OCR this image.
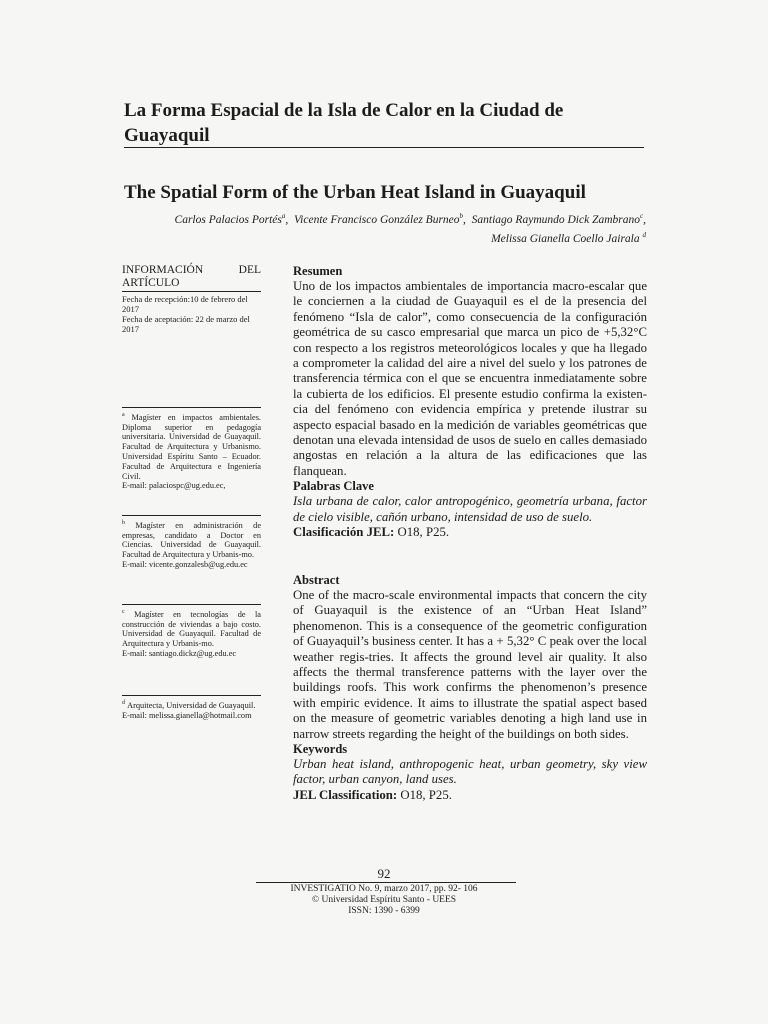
La Forma Espacial de la Isla de Calor en la Ciudad de Guayaquil
The Spatial Form of the Urban Heat Island in Guayaquil
Carlos Palacios Portés$^a$,  Vicente Francisco González Burneo$^b$,  Santiago Raymundo Dick Zambrano$^c$,
Melissa Gianella Coello Jairala $^d$
INFORMACIÓN DEL
ARTÍCULO
Fecha de recepción:10 de febrero del 2017
Fecha de aceptación: 22 de marzo del 2017
$^a$ Magíster en impactos ambientales. Diploma superior en pedagogía universitaria. Universidad de Guayaquil. Facultad de Arquitectura y Urbanismo. Universidad Espíritu Santo – Ecuador. Facultad de Arquitectura e Ingeniería Civil.
E-mail: palaciospc@ug.edu.ec,
$^b$ Magíster en administración de empresas, candidato a Doctor en Ciencias. Universidad de Guayaquil. Facultad de Arquitectura y Urbanis-mo.
E-mail: vicente.gonzalesb@ug.edu.ec
$^c$ Magíster en tecnologías de la construcción de viviendas a bajo costo. Universidad de Guayaquil. Facultad de Arquitectura y Urbanis-mo.
E-mail: santiago.dickz@ug.edu.ec
$^d$ Arquitecta, Universidad de Guayaquil.
E-mail: melissa.gianella@hotmail.com
Resumen
Uno de los impactos ambientales de importancia macro-escalar que le conciernen a la ciudad de Guayaquil es el de la presencia del fenómeno “Isla de calor”, como consecuencia de la configuración geométrica de su casco empresarial que marca un pico de +5,32°C con respecto a los registros meteorológicos locales y que ha llegado a comprometer la calidad del aire a nivel del suelo y los patrones de transferencia térmica con el que se encuentra inmediatamente sobre la cubierta de los edificios. El presente estudio confirma la existen-cia del fenómeno con evidencia empírica y pretende ilustrar su aspecto espacial basado en la medición de variables geométricas que denotan una elevada intensidad de usos de suelo en calles demasiado angostas en relación a la altura de las edificaciones que las flanquean.
Palabras Clave
Isla urbana de calor, calor antropogénico, geometría urbana, factor de cielo visible, cañón urbano, intensidad de uso de suelo.
Clasificación JEL: O18, P25.
Abstract
One of the macro-scale environmental impacts that concern the city of Guayaquil is the existence of an “Urban Heat Island” phenomenon. This is a consequence of the geometric configuration of Guayaquil’s business center. It has a + 5,32° C peak over the local weather regis-tries. It affects the ground level air quality. It also affects the thermal transference patterns with the layer over the buildings roofs. This work confirms the phenomenon’s presence with empiric evidence. It aims to illustrate the spatial aspect based on the measure of geometric variables denoting a high land use in narrow streets regarding the height of the buildings on both sides.
Keywords
Urban heat island, anthropogenic heat, urban geometry, sky view factor, urban canyon, land uses.
JEL Classification: O18, P25.
92
INVESTIGATIO No. 9, marzo 2017, pp. 92- 106
© Universidad Espíritu Santo - UEES
ISSN: 1390 - 6399
